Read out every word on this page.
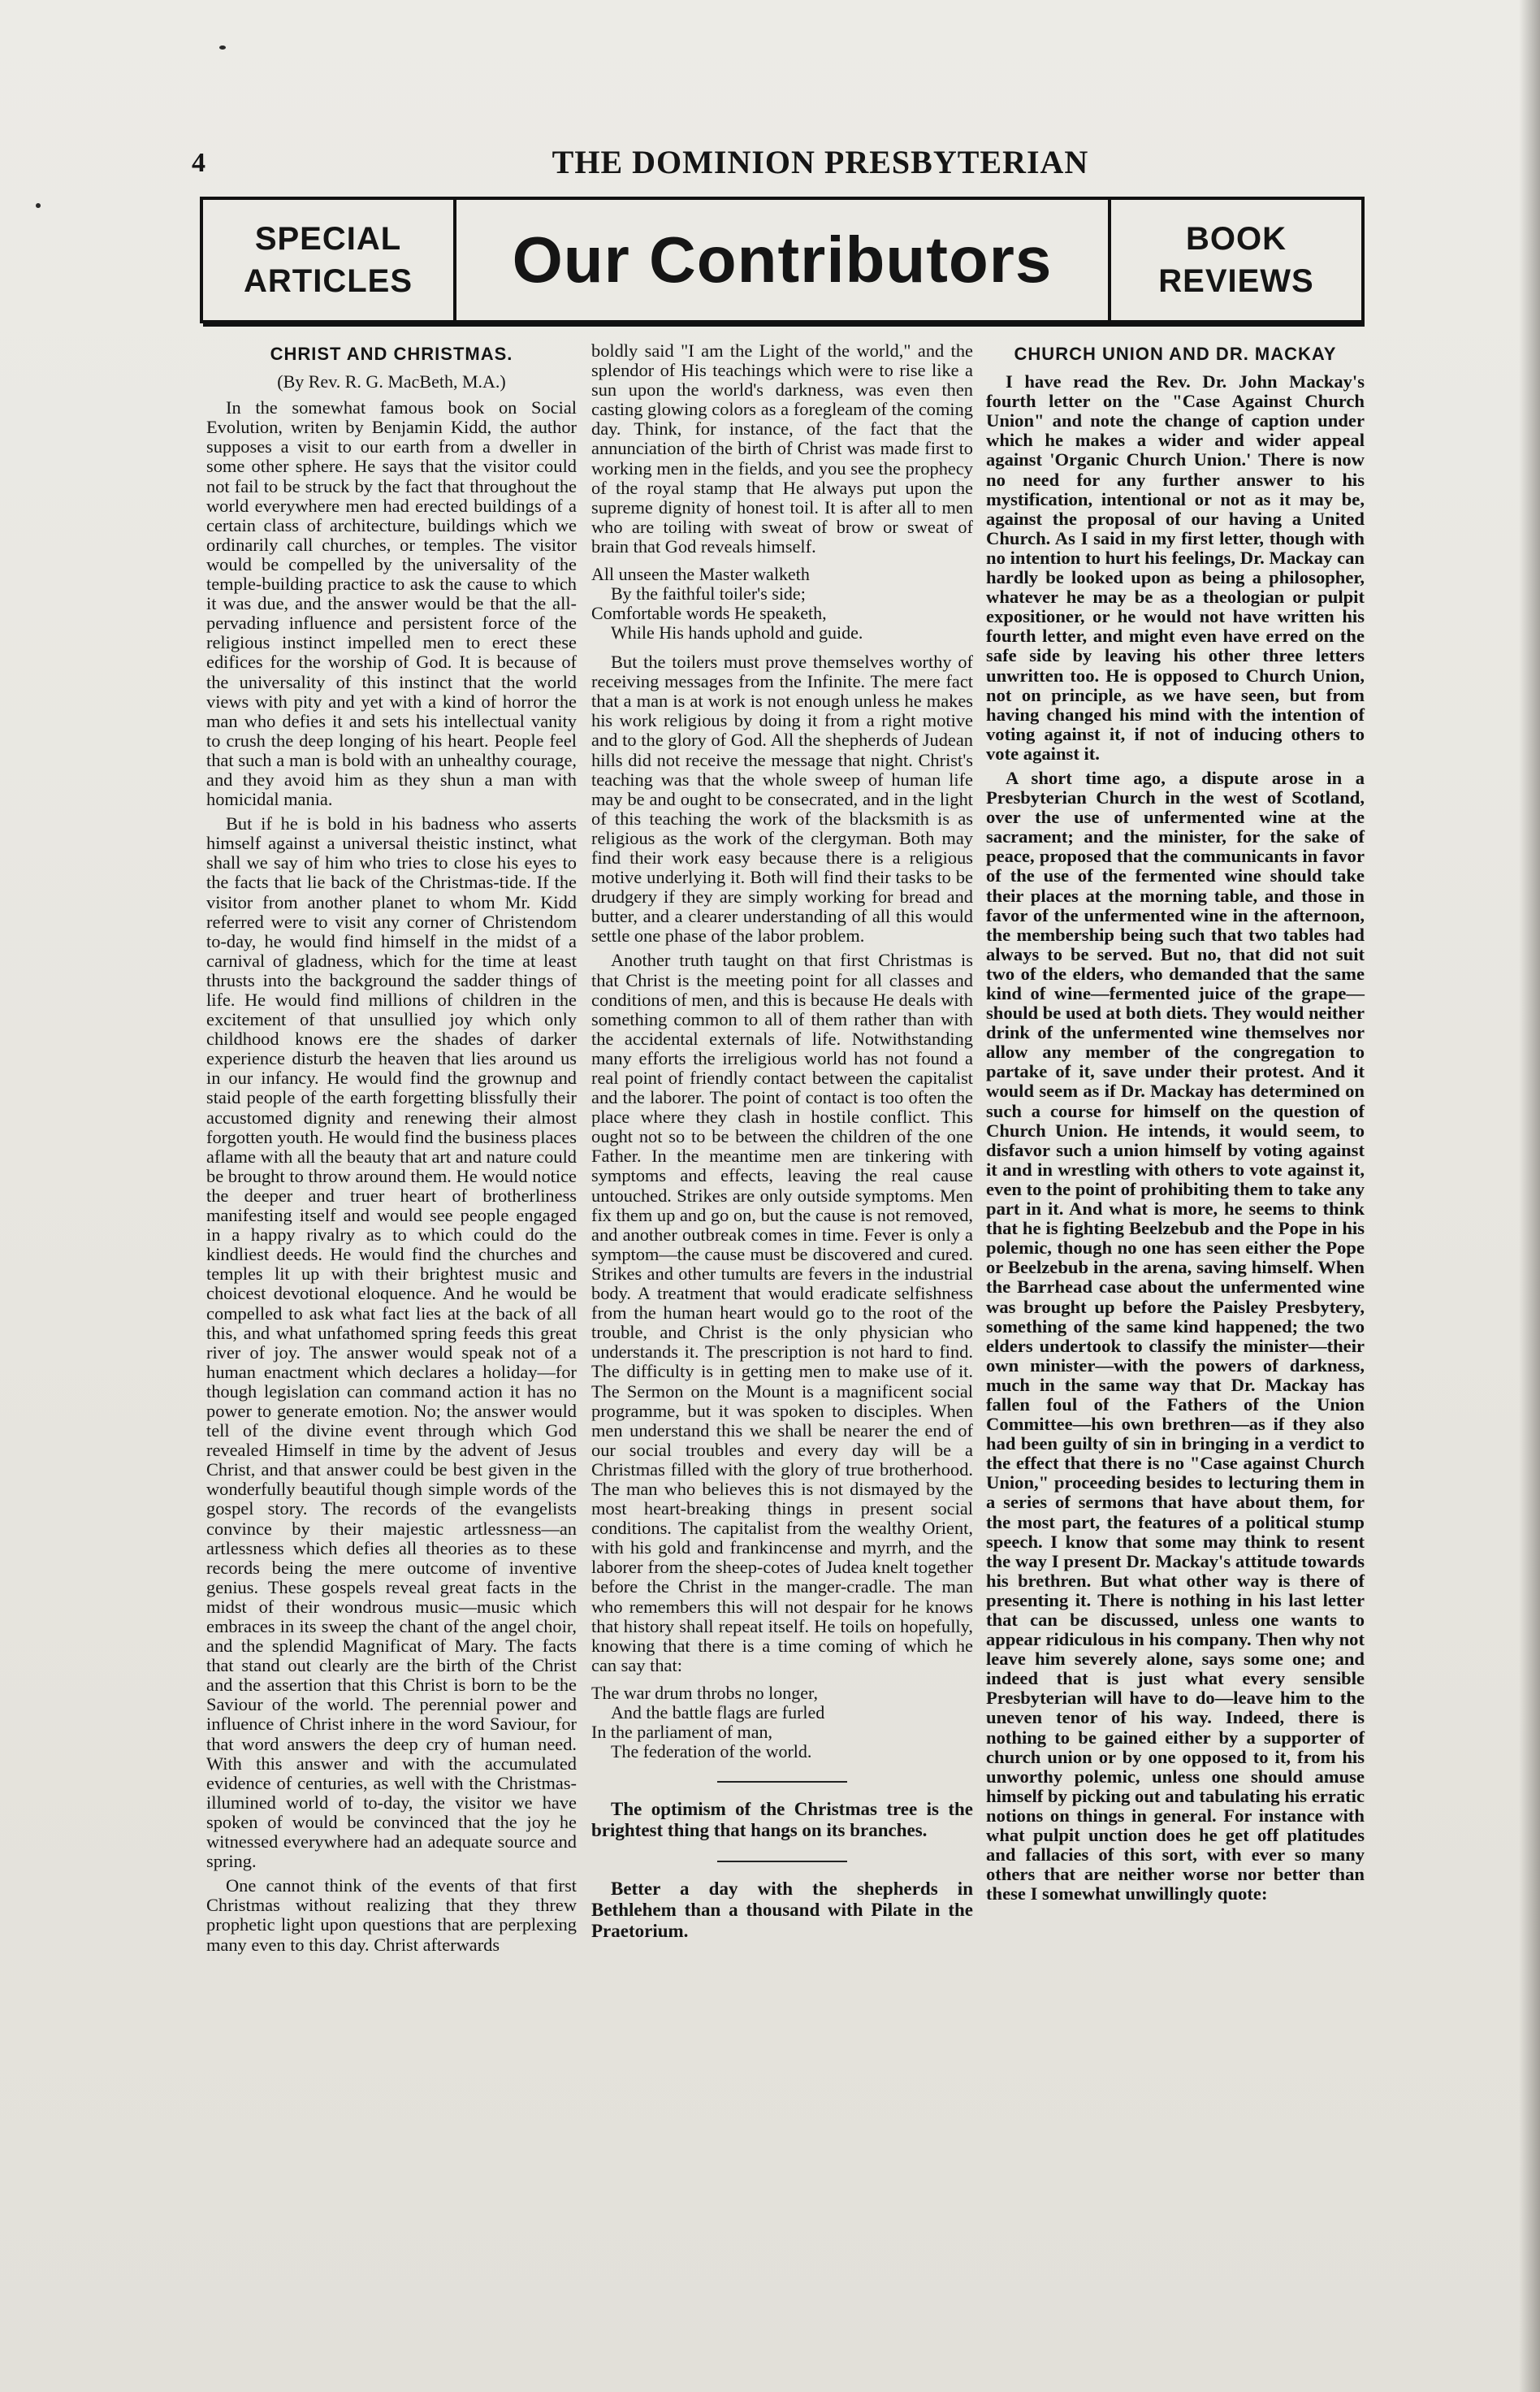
4	THE DOMINION PRESBYTERIAN
SPECIAL
ARTICLES	Our Contributors	BOOK
REVIEWS
CHRIST AND CHRISTMAS.
(By Rev. R. G. MacBeth, M.A.)

In the somewhat famous book on Social Evolution, writen by Benjamin Kidd, the author supposes a visit to our earth from a dweller in some other sphere. He says that the visitor could not fail to be struck by the fact that throughout the world everywhere men had erected buildings of a certain class of architecture, buildings which we ordinarily call churches, or temples. The visitor would be compelled by the universality of the temple-building practice to ask the cause to which it was due, and the answer would be that the all-pervading influence and persistent force of the religious instinct impelled men to erect these edifices for the worship of God. It is because of the universality of this instinct that the world views with pity and yet with a kind of horror the man who defies it and sets his intellectual vanity to crush the deep longing of his heart. People feel that such a man is bold with an unhealthy courage, and they avoid him as they shun a man with homicidal mania.

But if he is bold in his badness who asserts himself against a universal theistic instinct, what shall we say of him who tries to close his eyes to the facts that lie back of the Christmas-tide. If the visitor from another planet to whom Mr. Kidd referred were to visit any corner of Christendom to-day, he would find himself in the midst of a carnival of gladness, which for the time at least thrusts into the background the sadder things of life. He would find millions of children in the excitement of that unsullied joy which only childhood knows ere the shades of darker experience disturb the heaven that lies around us in our infancy. He would find the grownup and staid people of the earth forgetting blissfully their accustomed dignity and renewing their almost forgotten youth. He would find the business places aflame with all the beauty that art and nature could be brought to throw around them. He would notice the deeper and truer heart of brotherliness manifesting itself and would see people engaged in a happy rivalry as to which could do the kindliest deeds. He would find the churches and temples lit up with their brightest music and choicest devotional eloquence. And he would be compelled to ask what fact lies at the back of all this, and what unfathomed spring feeds this great river of joy. The answer would speak not of a human enactment which declares a holiday—for though legislation can command action it has no power to generate emotion. No; the answer would tell of the divine event through which God revealed Himself in time by the advent of Jesus Christ, and that answer could be best given in the wonderfully beautiful though simple words of the gospel story. The records of the evangelists convince by their majestic artlessness—an artlessness which defies all theories as to these records being the mere outcome of inventive genius. These gospels reveal great facts in the midst of their wondrous music—music which embraces in its sweep the chant of the angel choir, and the splendid Magnificat of Mary. The facts that stand out clearly are the birth of the Christ and the assertion that this Christ is born to be the Saviour of the world. The perennial power and influence of Christ inhere in the word Saviour, for that word answers the deep cry of human need. With this answer and with the accumulated evidence of centuries, as well with the Christmas-illumined world of to-day, the visitor we have spoken of would be convinced that the joy he witnessed everywhere had an adequate source and spring.

One cannot think of the events of that first Christmas without realizing that they threw prophetic light upon questions that are perplexing many even to this day. Christ afterwards

boldly said "I am the Light of the world," and the splendor of His teachings which were to rise like a sun upon the world's darkness, was even then casting glowing colors as a foregleam of the coming day. Think, for instance, of the fact that the annunciation of the birth of Christ was made first to working men in the fields, and you see the prophecy of the royal stamp that He always put upon the supreme dignity of honest toil. It is after all to men who are toiling with sweat of brow or sweat of brain that God reveals himself.

All unseen the Master walketh
By the faithful toiler's side;
Comfortable words He speaketh,
While His hands uphold and guide.

But the toilers must prove themselves worthy of receiving messages from the Infinite. The mere fact that a man is at work is not enough unless he makes his work religious by doing it from a right motive and to the glory of God. All the shepherds of Judean hills did not receive the message that night. Christ's teaching was that the whole sweep of human life may be and ought to be consecrated, and in the light of this teaching the work of the blacksmith is as religious as the work of the clergyman. Both may find their work easy because there is a religious motive underlying it. Both will find their tasks to be drudgery if they are simply working for bread and butter, and a clearer understanding of all this would settle one phase of the labor problem.

Another truth taught on that first Christmas is that Christ is the meeting point for all classes and conditions of men, and this is because He deals with something common to all of them rather than with the accidental externals of life. Notwithstanding many efforts the irreligious world has not found a real point of friendly contact between the capitalist and the laborer. The point of contact is too often the place where they clash in hostile conflict. This ought not so to be between the children of the one Father. In the meantime men are tinkering with symptoms and effects, leaving the real cause untouched. Strikes are only outside symptoms. Men fix them up and go on, but the cause is not removed, and another outbreak comes in time. Fever is only a symptom—the cause must be discovered and cured. Strikes and other tumults are fevers in the industrial body. A treatment that would eradicate selfishness from the human heart would go to the root of the trouble, and Christ is the only physician who understands it. The prescription is not hard to find. The difficulty is in getting men to make use of it. The Sermon on the Mount is a magnificent social programme, but it was spoken to disciples. When men understand this we shall be nearer the end of our social troubles and every day will be a Christmas filled with the glory of true brotherhood. The man who believes this is not dismayed by the most heart-breaking things in present social conditions. The capitalist from the wealthy Orient, with his gold and frankincense and myrrh, and the laborer from the sheep-cotes of Judea knelt together before the Christ in the manger-cradle. The man who remembers this will not despair for he knows that history shall repeat itself. He toils on hopefully, knowing that there is a time coming of which he can say that:

The war drum throbs no longer,
And the battle flags are furled
In the parliament of man,
The federation of the world.

The optimism of the Christmas tree is the brightest thing that hangs on its branches.

Better a day with the shepherds in Bethlehem than a thousand with Pilate in the Praetorium.

CHURCH UNION AND DR. MACKAY

I have read the Rev. Dr. John Mackay's fourth letter on the "Case Against Church Union" and note the change of caption under which he makes a wider and wider appeal against 'Organic Church Union.' There is now no need for any further answer to his mystification, intentional or not as it may be, against the proposal of our having a United Church. As I said in my first letter, though with no intention to hurt his feelings, Dr. Mackay can hardly be looked upon as being a philosopher, whatever he may be as a theologian or pulpit expositioner, or he would not have written his fourth letter, and might even have erred on the safe side by leaving his other three letters unwritten too. He is opposed to Church Union, not on principle, as we have seen, but from having changed his mind with the intention of voting against it, if not of inducing others to vote against it.

A short time ago, a dispute arose in a Presbyterian Church in the west of Scotland, over the use of unfermented wine at the sacrament; and the minister, for the sake of peace, proposed that the communicants in favor of the use of the fermented wine should take their places at the morning table, and those in favor of the unfermented wine in the afternoon, the membership being such that two tables had always to be served. But no, that did not suit two of the elders, who demanded that the same kind of wine—fermented juice of the grape—should be used at both diets. They would neither drink of the unfermented wine themselves nor allow any member of the congregation to partake of it, save under their protest. And it would seem as if Dr. Mackay has determined on such a course for himself on the question of Church Union. He intends, it would seem, to disfavor such a union himself by voting against it and in wrestling with others to vote against it, even to the point of prohibiting them to take any part in it. And what is more, he seems to think that he is fighting Beelzebub and the Pope in his polemic, though no one has seen either the Pope or Beelzebub in the arena, saving himself. When the Barrhead case about the unfermented wine was brought up before the Paisley Presbytery, something of the same kind happened; the two elders undertook to classify the minister—their own minister—with the powers of darkness, much in the same way that Dr. Mackay has fallen foul of the Fathers of the Union Committee—his own brethren—as if they also had been guilty of sin in bringing in a verdict to the effect that there is no "Case against Church Union," proceeding besides to lecturing them in a series of sermons that have about them, for the most part, the features of a political stump speech. I know that some may think to resent the way I present Dr. Mackay's attitude towards his brethren. But what other way is there of presenting it. There is nothing in his last letter that can be discussed, unless one wants to appear ridiculous in his company. Then why not leave him severely alone, says some one; and indeed that is just what every sensible Presbyterian will have to do—leave him to the uneven tenor of his way. Indeed, there is nothing to be gained either by a supporter of church union or by one opposed to it, from his unworthy polemic, unless one should amuse himself by picking out and tabulating his erratic notions on things in general. For instance with what pulpit unction does he get off platitudes and fallacies of this sort, with ever so many others that are neither worse nor better than these I somewhat unwillingly quote:
